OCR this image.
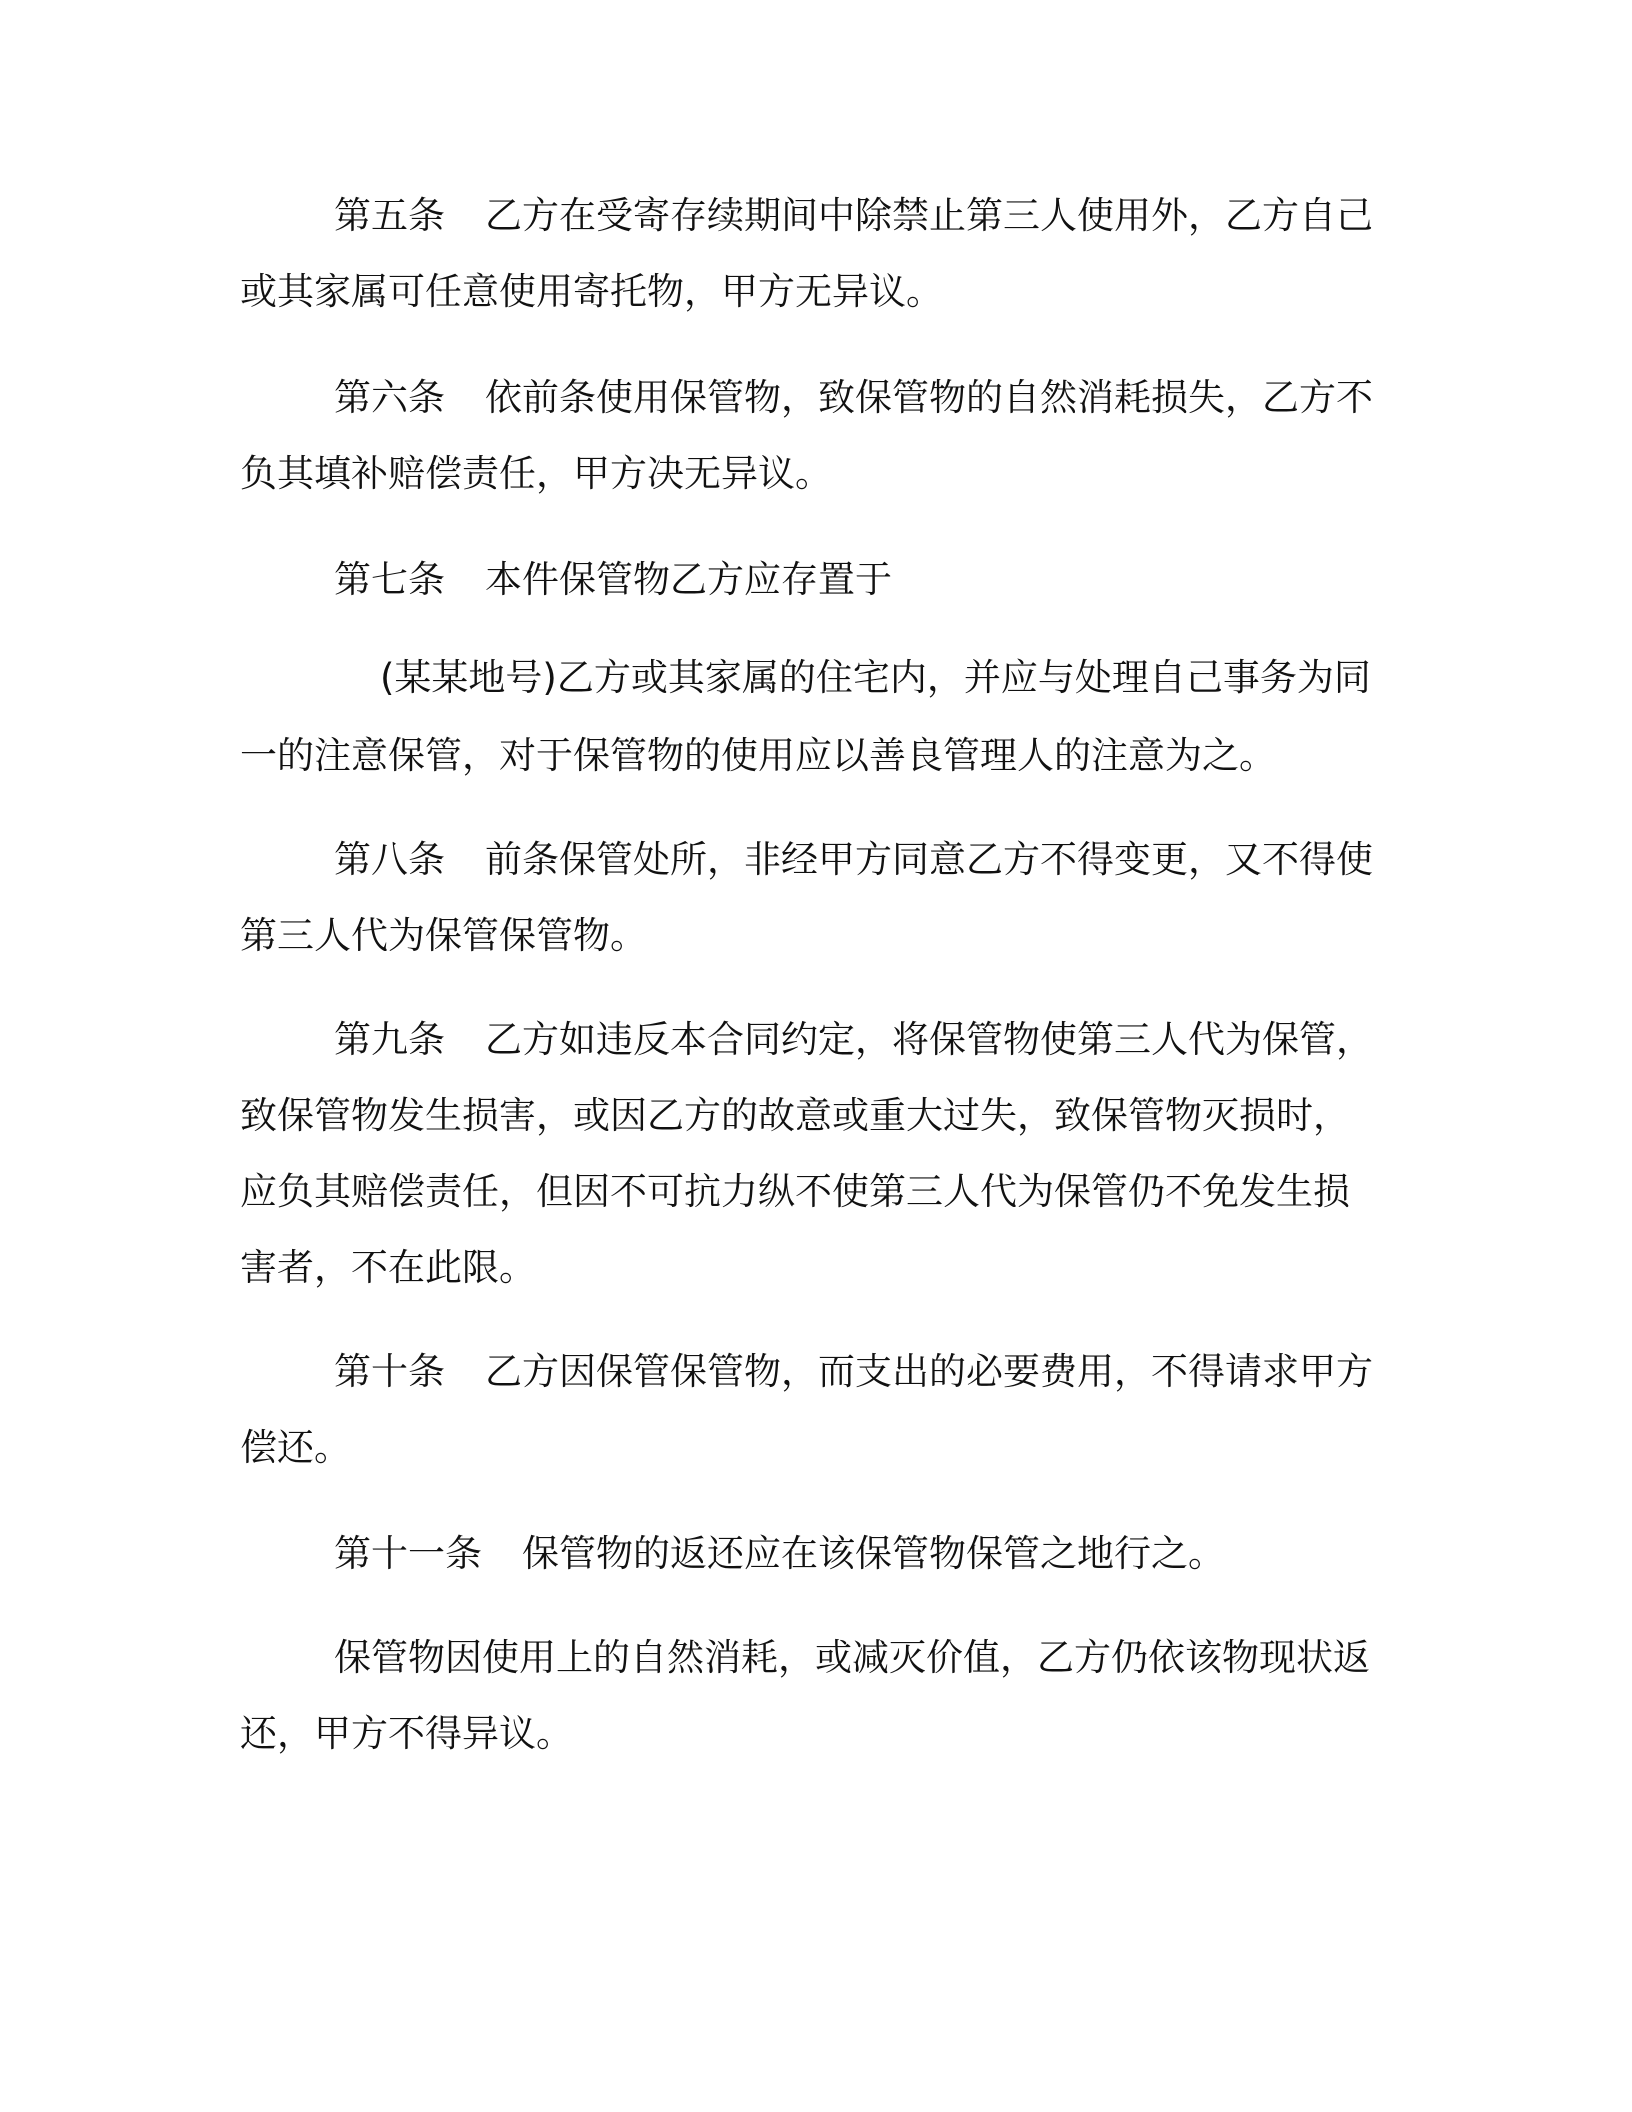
第五条 乙方在受寄存续期间中除禁止第三人使用外，乙方自己
或其家属可任意使用寄托物，甲方无异议。
第六条 依前条使用保管物，致保管物的自然消耗损失，乙方不
负其填补赔偿责任，甲方决无异议。
第七条 本件保管物乙方应存置于
(某某地号)乙方或其家属的住宅内，并应与处理自己事务为同
一的注意保管，对于保管物的使用应以善良管理人的注意为之。
第八条 前条保管处所，非经甲方同意乙方不得变更，又不得使
第三人代为保管保管物。
第九条 乙方如违反本合同约定，将保管物使第三人代为保管，
致保管物发生损害，或因乙方的故意或重大过失，致保管物灭损时，
应负其赔偿责任，但因不可抗力纵不使第三人代为保管仍不免发生损
害者，不在此限。
第十条 乙方因保管保管物，而支出的必要费用，不得请求甲方
偿还。
第十一条 保管物的返还应在该保管物保管之地行之。
保管物因使用上的自然消耗，或减灭价值，乙方仍依该物现状返
还，甲方不得异议。
